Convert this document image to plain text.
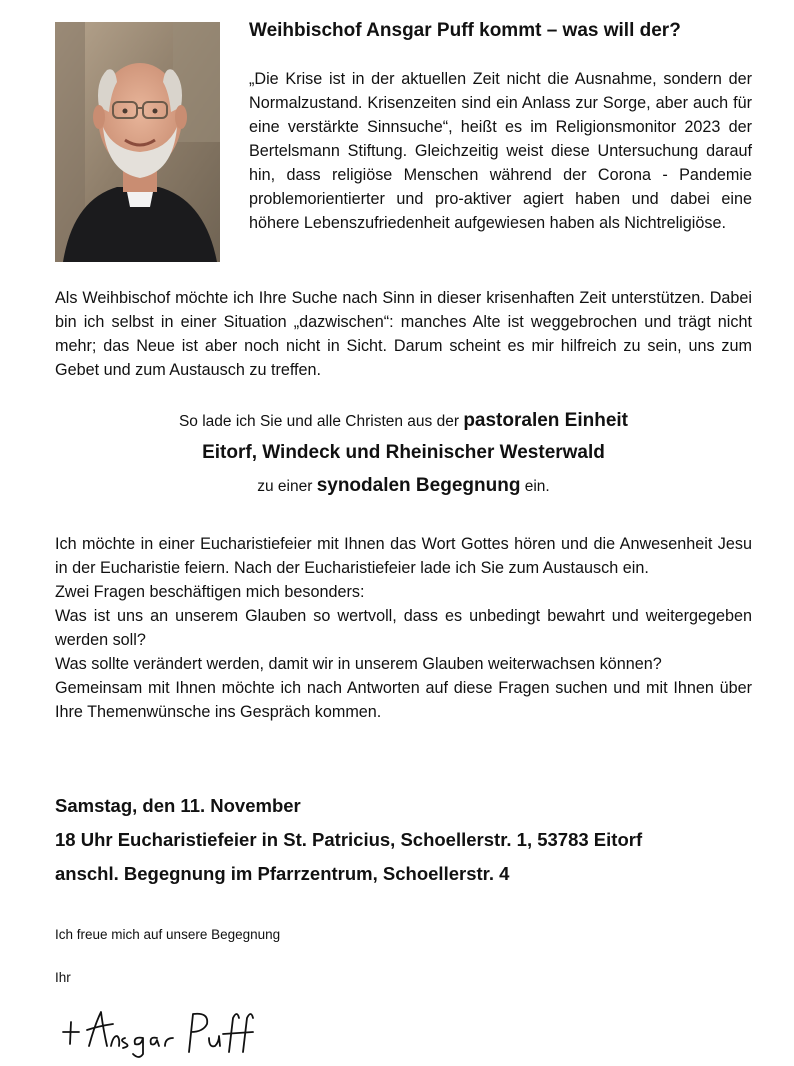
Weihbischof Ansgar Puff kommt – was will der?

„Die Krise ist in der aktuellen Zeit nicht die Ausnahme, sondern der Normalzustand. Krisenzeiten sind ein Anlass zur Sorge, aber auch für eine verstärkte Sinnsuche“, heißt es im Religionsmonitor 2023 der Bertelsmann Stiftung. Gleichzeitig weist diese Untersuchung darauf hin, dass religiöse Menschen während der Corona - Pandemie problemorientierter und pro-aktiver agiert haben und dabei eine höhere Lebenszufriedenheit aufgewiesen haben als Nichtreligiöse.

Als Weihbischof möchte ich Ihre Suche nach Sinn in dieser krisenhaften Zeit unterstützen. Dabei bin ich selbst in einer Situation „dazwischen“: manches Alte ist weggebrochen und trägt nicht mehr; das Neue ist aber noch nicht in Sicht. Darum scheint es mir hilfreich zu sein, uns zum Gebet und zum Austausch zu treffen.

So lade ich Sie und alle Christen aus der pastoralen Einheit
Eitorf, Windeck und Rheinischer Westerwald
zu einer synodalen Begegnung ein.
Ich möchte in einer Eucharistiefeier mit Ihnen das Wort Gottes hören und die Anwesenheit Jesu in der Eucharistie feiern. Nach der Eucharistiefeier lade ich Sie zum Austausch ein.
Zwei Fragen beschäftigen mich besonders:
Was ist uns an unserem Glauben so wertvoll, dass es unbedingt bewahrt und weitergegeben werden soll?
Was sollte verändert werden, damit wir in unserem Glauben weiterwachsen können?
Gemeinsam mit Ihnen möchte ich nach Antworten auf diese Fragen suchen und mit Ihnen über Ihre Themenwünsche ins Gespräch kommen.
Samstag, den 11. November
18 Uhr Eucharistiefeier in St. Patricius, Schoellerstr. 1, 53783 Eitorf
anschl. Begegnung im Pfarrzentrum, Schoellerstr. 4
Ich freue mich auf unsere Begegnung
Ihr
